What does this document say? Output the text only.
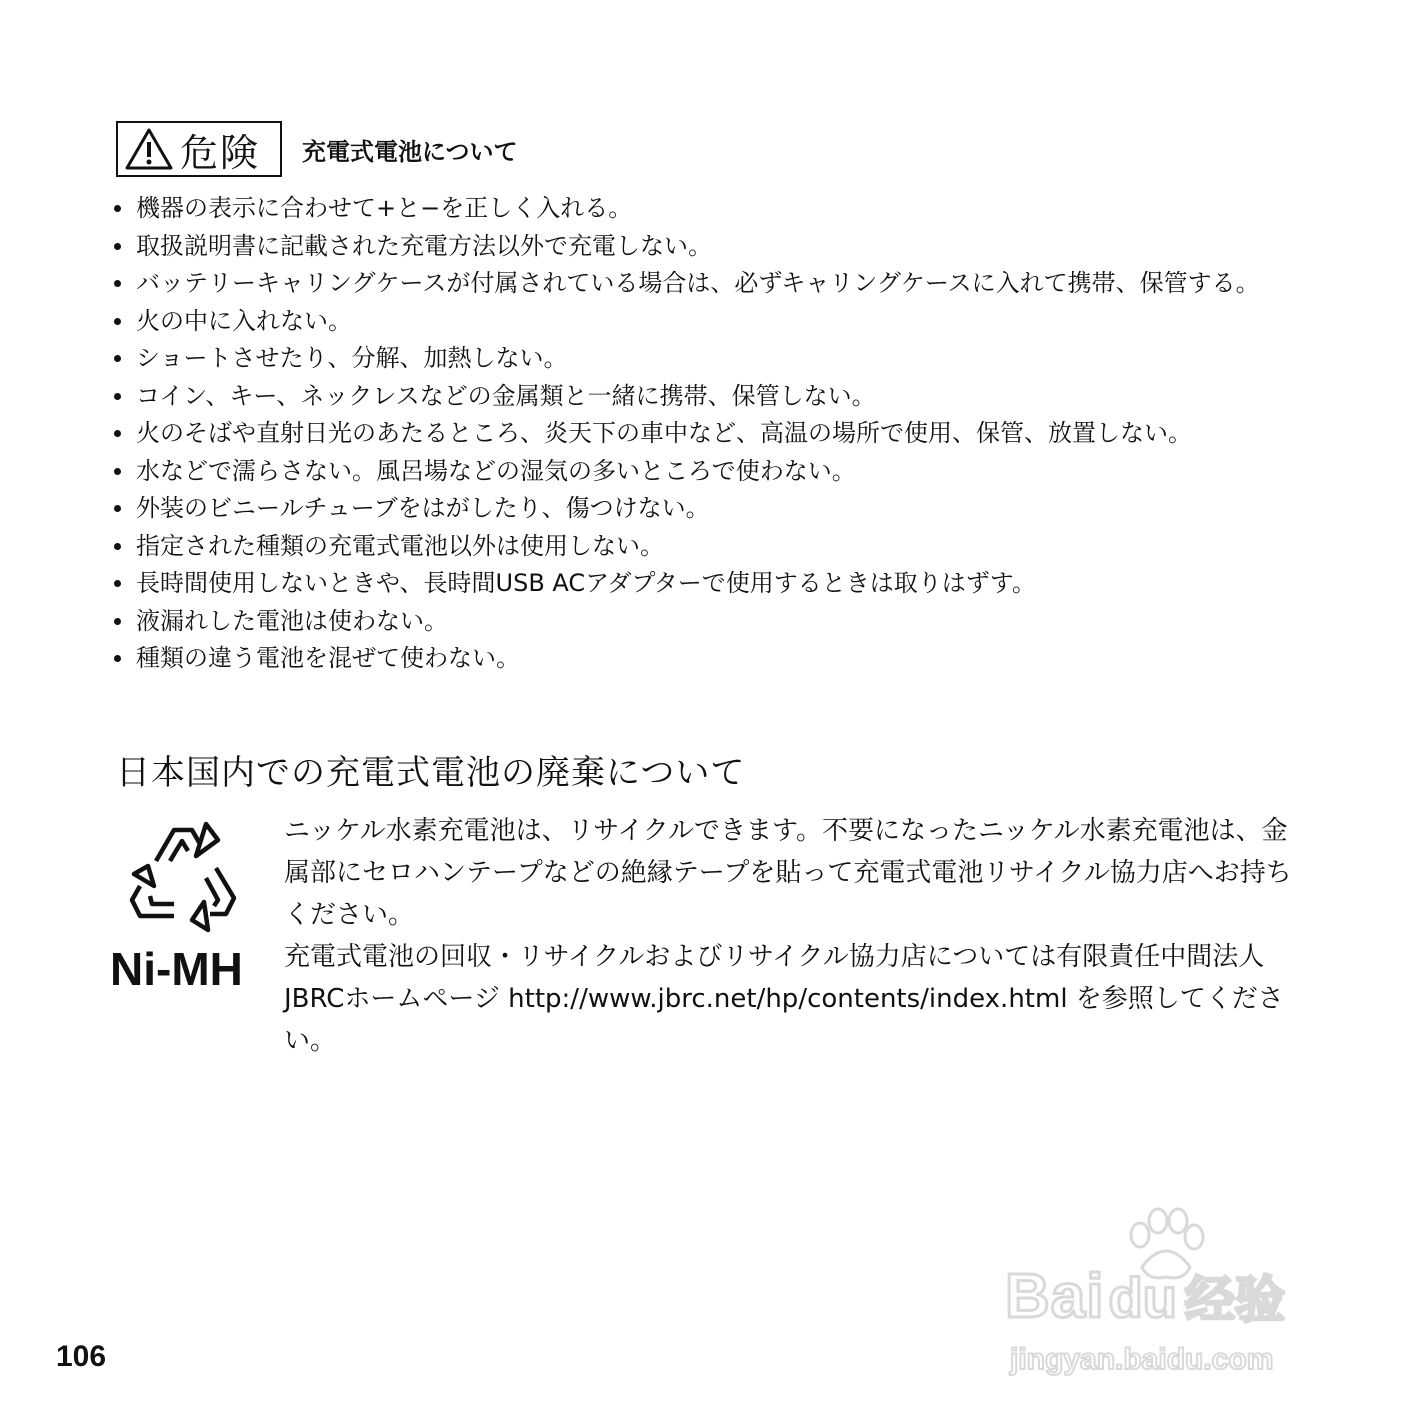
危険 充電式電池について
機器の表示に合わせて+と−を正しく入れる。
取扱説明書に記載された充電方法以外で充電しない。
バッテリーキャリングケースが付属されている場合は、必ずキャリングケースに入れて携帯、保管する。
火の中に入れない。
ショートさせたり、分解、加熱しない。
コイン、キー、ネックレスなどの金属類と一緒に携帯、保管しない。
火のそばや直射日光のあたるところ、炎天下の車中など、高温の場所で使用、保管、放置しない。
水などで濡らさない。風呂場などの湿気の多いところで使わない。
外装のビニールチューブをはがしたり、傷つけない。
指定された種類の充電式電池以外は使用しない。
長時間使用しないときや、長時間USB ACアダプターで使用するときは取りはずす。
液漏れした電池は使わない。
種類の違う電池を混ぜて使わない。
日本国内での充電式電池の廃棄について
Ni-MH

ニッケル水素充電池は、リサイクルできます。不要になったニッケル水素充電池は、金属部にセロハンテープなどの絶縁テープを貼って充電式電池リサイクル協力店へお持ちください。

充電式電池の回収・リサイクルおよびリサイクル協力店については有限責任中間法人JBRCホームページ http://www.jbrc.net/hp/contents/index.html を参照してください。

106
Bai du 经验
jingyan.baidu.com
